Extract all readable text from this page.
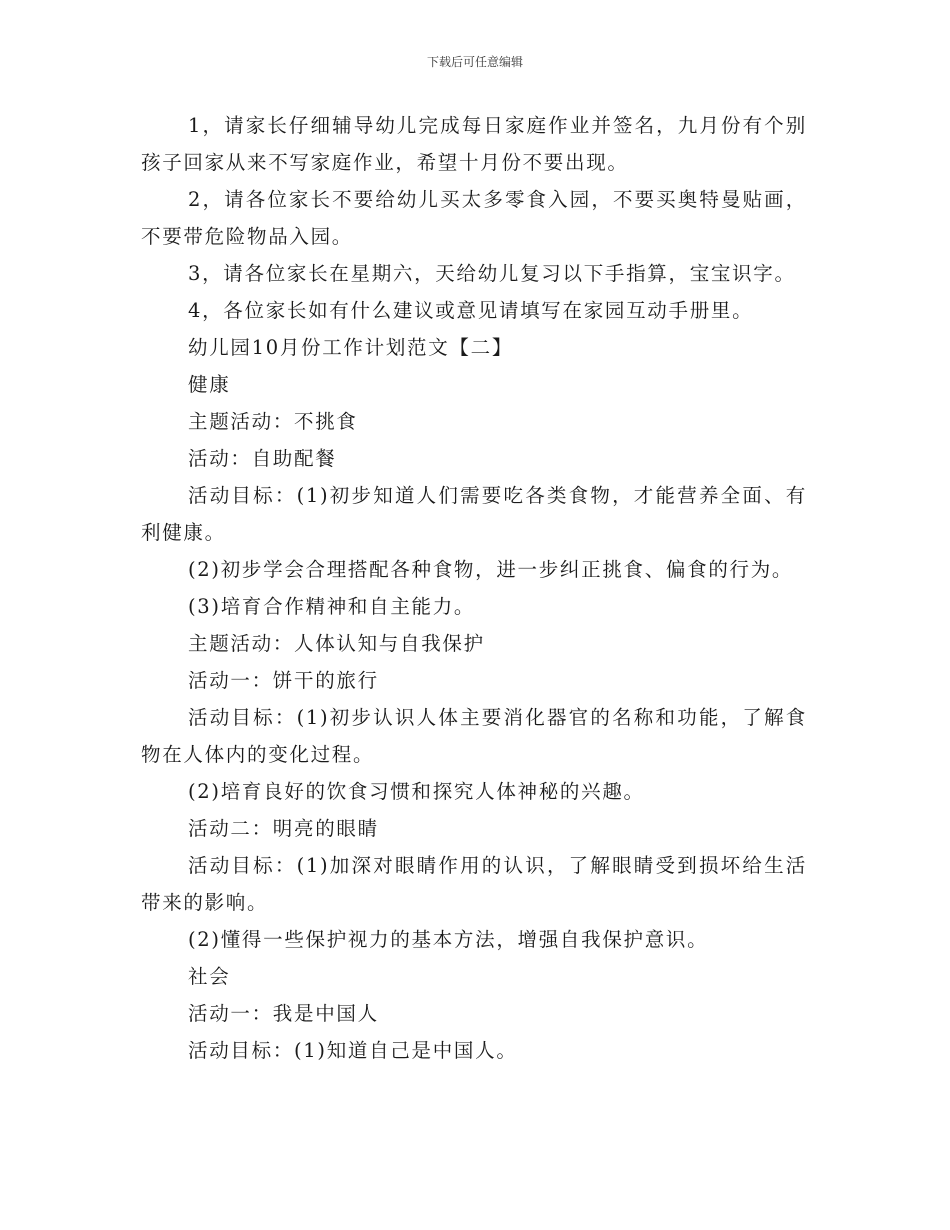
下载后可任意编辑

1，请家长仔细辅导幼儿完成每日家庭作业并签名，九月份有个别孩子回家从来不写家庭作业，希望十月份不要出现。

2，请各位家长不要给幼儿买太多零食入园，不要买奥特曼贴画，不要带危险物品入园。

3，请各位家长在星期六，天给幼儿复习以下手指算，宝宝识字。

4，各位家长如有什么建议或意见请填写在家园互动手册里。

幼儿园10月份工作计划范文【二】

健康

主题活动：不挑食

活动：自助配餐

活动目标：(1)初步知道人们需要吃各类食物，才能营养全面、有利健康。

(2)初步学会合理搭配各种食物，进一步纠正挑食、偏食的行为。

(3)培育合作精神和自主能力。

主题活动：人体认知与自我保护

活动一：饼干的旅行

活动目标：(1)初步认识人体主要消化器官的名称和功能，了解食物在人体内的变化过程。

(2)培育良好的饮食习惯和探究人体神秘的兴趣。

活动二：明亮的眼睛

活动目标：(1)加深对眼睛作用的认识，了解眼睛受到损坏给生活带来的影响。

(2)懂得一些保护视力的基本方法，增强自我保护意识。

社会

活动一：我是中国人

活动目标：(1)知道自己是中国人。
